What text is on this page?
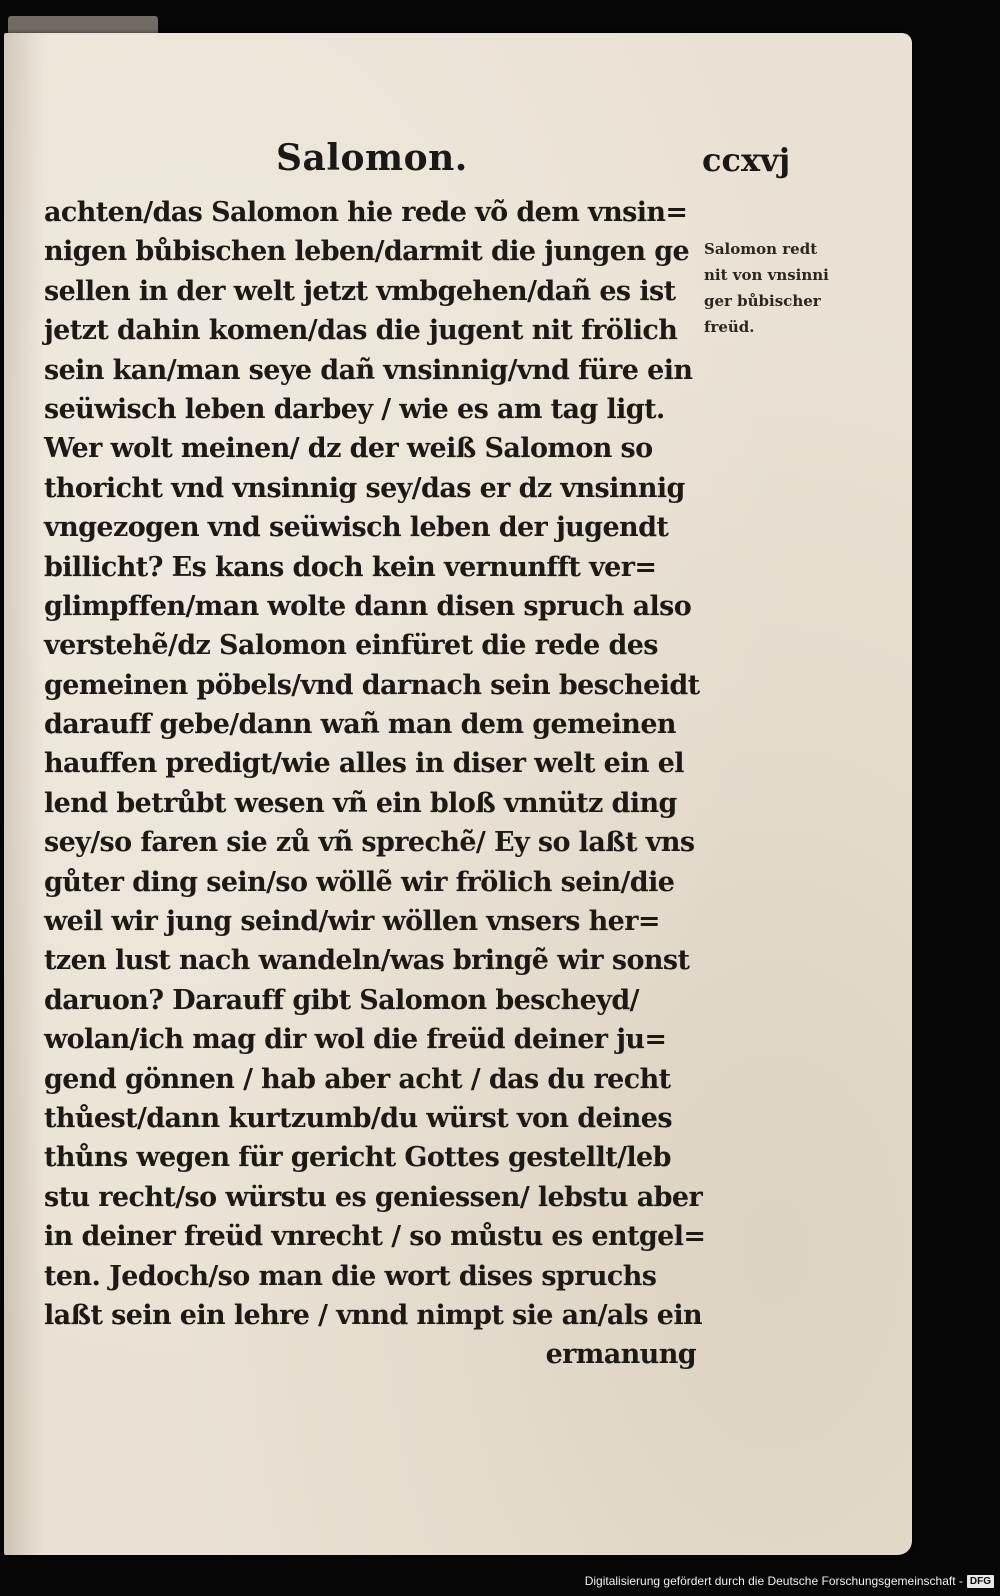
Salomon.	ccxvj
achten/das Salomon hie rede võ dem vnsin=
nigen bůbischen leben/darmit die jungen ge
sellen in der welt jetzt vmbgehen/dañ es ist
jetzt dahin komen/das die jugent nit frölich
sein kan/man seye dañ vnsinnig/vnd füre ein
seüwisch leben darbey / wie es am tag ligt.
Wer wolt meinen/ dz der weiß Salomon so
thoricht vnd vnsinnig sey/das er dz vnsinnig
vngezogen vnd seüwisch leben der jugendt
billicht? Es kans doch kein vernunfft ver=
glimpffen/man wolte dann disen spruch also
verstehẽ/dz Salomon einfüret die rede des
gemeinen pöbels/vnd darnach sein bescheidt
darauff gebe/dann wañ man dem gemeinen
hauffen predigt/wie alles in diser welt ein el
lend betrůbt wesen vñ ein bloß vnnütz ding
sey/so faren sie zů vñ sprechẽ/ Ey so laßt vns
gůter ding sein/so wöllẽ wir frölich sein/die
weil wir jung seind/wir wöllen vnsers her=
tzen lust nach wandeln/was bringẽ wir sonst
daruon? Darauff gibt Salomon bescheyd/
wolan/ich mag dir wol die freüd deiner ju=
gend gönnen / hab aber acht / das du recht
thůest/dann kurtzumb/du würst von deines
thůns wegen für gericht Gottes gestellt/leb
stu recht/so würstu es geniessen/ lebstu aber
in deiner freüd vnrecht / so můstu es entgel=
ten. Jedoch/so man die wort dises spruchs
laßt sein ein lehre / vnnd nimpt sie an/als ein
ermanung
Salomon redt
nit von vnsinni
ger bůbischer
freüd.
Digitalisierung gefördert durch die Deutsche Forschungsgemeinschaft - DFG
